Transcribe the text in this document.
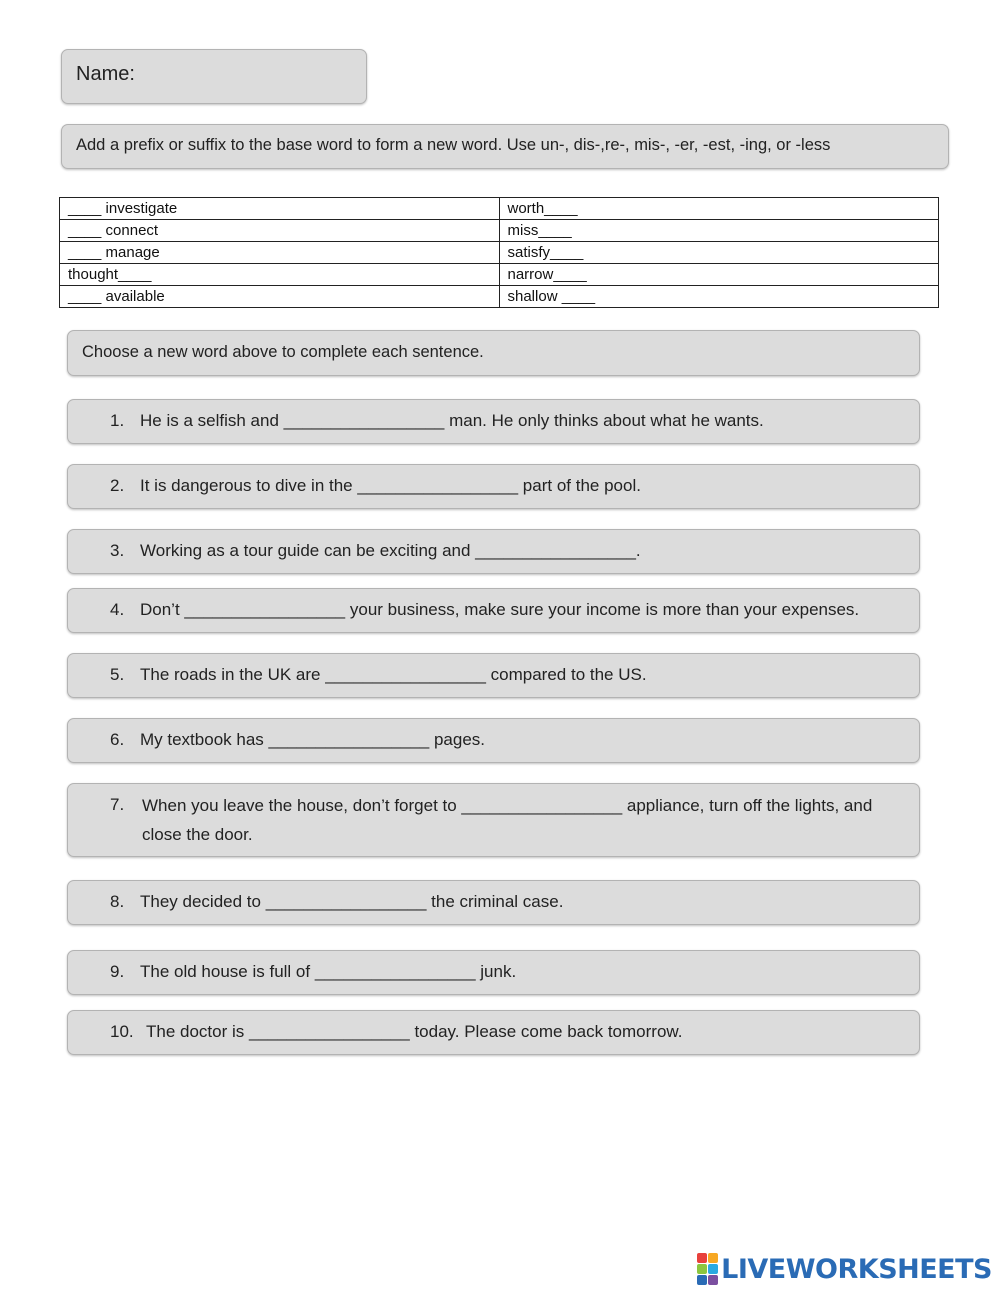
Name:
Add a prefix or suffix to the base word to form a new word. Use un-, dis-,re-, mis-, -er, -est, -ing, or -less
____ investigate	worth____
____ connect	miss____
____ manage	satisfy____
thought____	narrow____
____ available	shallow ____
Choose a new word above to complete each sentence.
1. He is a selfish and _________________ man. He only thinks about what he wants.
2. It is dangerous to dive in the _________________ part of the pool.
3. Working as a tour guide can be exciting and _________________.
4. Don’t _________________ your business, make sure your income is more than your expenses.
5. The roads in the UK are _________________ compared to the US.
6. My textbook has _________________ pages.
7. When you leave the house, don’t forget to _________________ appliance, turn off the lights, and close the door.
8. They decided to _________________ the criminal case.
9. The old house is full of _________________ junk.
10. The doctor is _________________ today. Please come back tomorrow.
LIVEWORKSHEETS
